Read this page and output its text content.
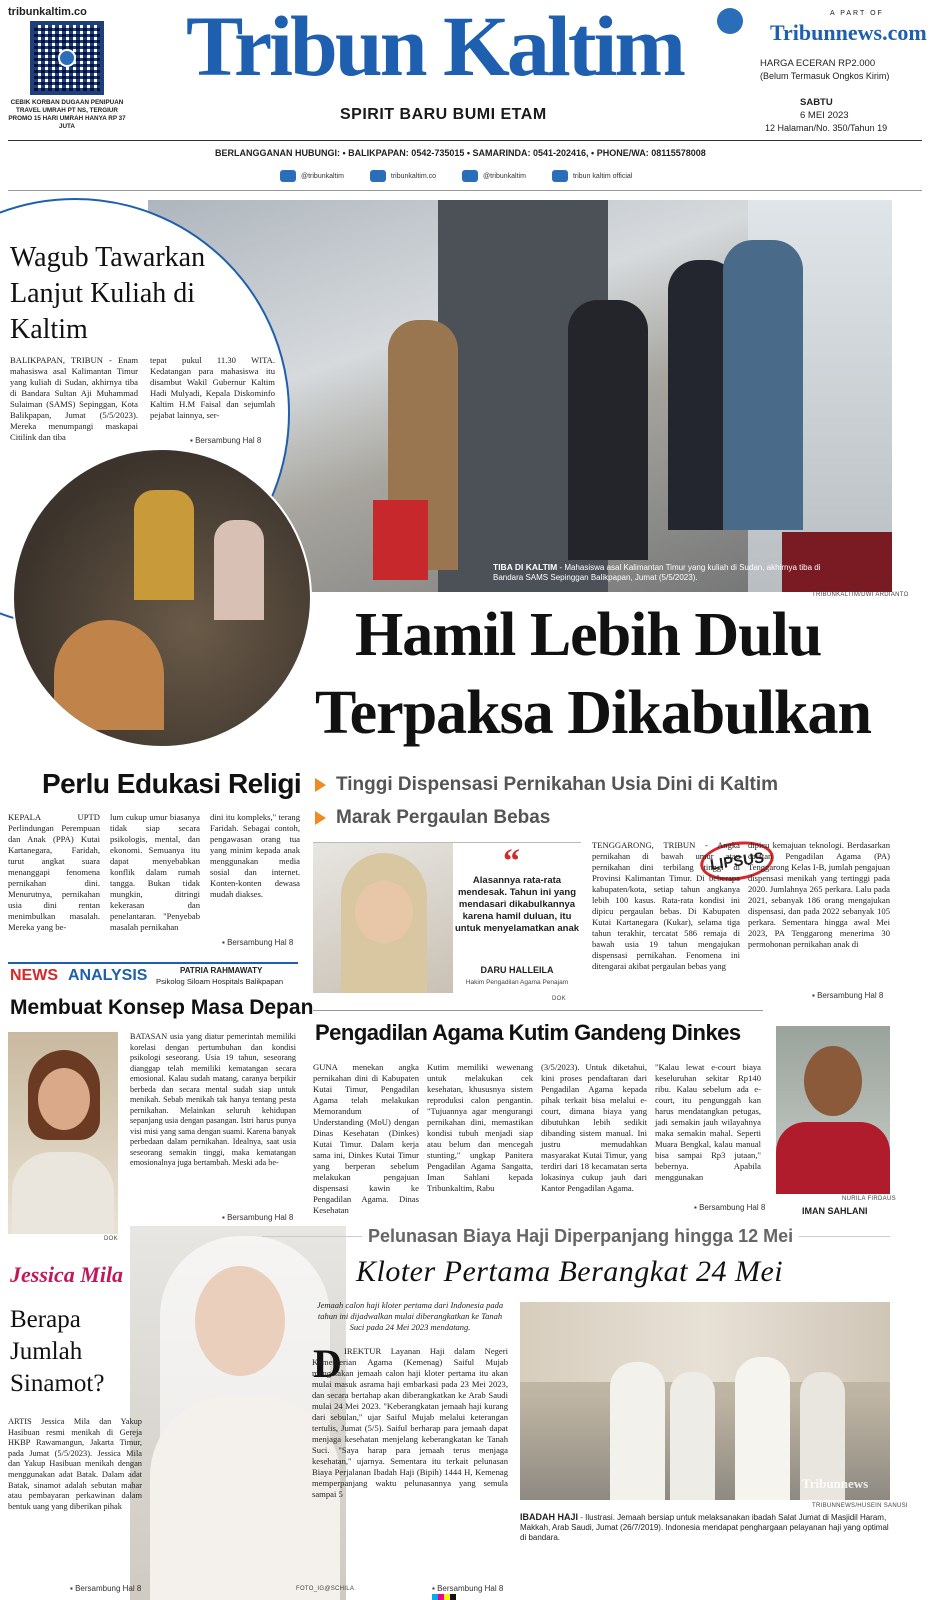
tribunkaltim.co
CEBIK KORBAN DUGAAN PENIPUAN TRAVEL UMRAH PT NS, TERGIUR PROMO 15 HARI UMRAH HANYA RP 37 JUTA
Tribun Kaltim
SPIRIT BARU BUMI ETAM
A PART OF
Tribunnews.com
HARGA ECERAN RP2.000
(Belum Termasuk Ongkos Kirim)
SABTU
6 MEI 2023
12 Halaman/No. 350/Tahun 19
BERLANGGANAN HUBUNGI: • BALIKPAPAN: 0542-735015 • SAMARINDA: 0541-202416, • PHONE/WA: 08115578008
@tribunkaltim	tribunkaltim.co	@tribunkaltim	tribun kaltim official
TIBA DI KALTIM - Mahasiswa asal Kalimantan Timur yang kuliah di Sudan, akhirnya tiba di Bandara SAMS Sepinggan Balikpapan, Jumat (5/5/2023).
TRIBUNKALTIM/DWI ARDIANTO
Wagub Tawarkan Lanjut Kuliah di Kaltim
BALIKPAPAN, TRIBUN - Enam mahasiswa asal Kalimantan Timur yang kuliah di Sudan, akhirnya tiba di Bandara Sultan Aji Muhammad Sulaiman (SAMS) Sepinggan, Kota Balikpapan, Jumat (5/5/2023). Mereka menumpangi maskapai Citilink dan tiba
tepat pukul 11.30 WITA. Kedatangan para mahasiswa itu disambut Wakil Gubernur Kaltim Hadi Mulyadi, Kepala Diskominfo Kaltim H.M Faisal dan sejumlah pejabat lainnya, ser-
▪ Bersambung Hal 8
Hamil Lebih Dulu
Terpaksa Dikabulkan
Tinggi Dispensasi Pernikahan Usia Dini di Kaltim
Marak Pergaulan Bebas
“
Alasannya rata-rata mendesak. Tahun ini yang mendasari dikabulkannya karena hamil duluan, itu untuk menyelamatkan anak
DARU HALLEILA
Hakim Pengadilan Agama Penajam
DOK
LIPSUS
TENGGARONG, TRIBUN - Angka pernikahan di bawah umur atau pernikahan dini terbilang tinggi di Provinsi Kalimantan Timur. Di beberapa kabupaten/kota, setiap tahun angkanya lebih 100 kasus. Rata-rata kondisi ini dipicu pergaulan bebas. Di Kabupaten Kutai Kartanegara (Kukar), selama tiga tahun terakhir, tercatat 586 remaja di bawah usia 19 tahun mengajukan dispensasi pernikahan. Fenomena ini ditengarai akibat pergaulan bebas yang
dipicu kemajuan teknologi. Berdasarkan catatan Pengadilan Agama (PA) Tenggarong Kelas I-B, jumlah pengajuan dispensasi menikah yang tertinggi pada 2020. Jumlahnya 265 perkara. Lalu pada 2021, sebanyak 186 orang mengajukan dispensasi, dan pada 2022 sebanyak 105 perkara. Sementara hingga awal Mei 2023, PA Tenggarong menerima 30 permohonan pernikahan anak di
▪ Bersambung Hal 8
Perlu Edukasi Religi
KEPALA UPTD Perlindungan Perempuan dan Anak (PPA) Kutai Kartanegara, Faridah, turut angkat suara menanggapi fenomena pernikahan dini. Menurutnya, pernikahan usia dini rentan menimbulkan masalah. Mereka yang be-
lum cukup umur biasanya tidak siap secara psikologis, mental, dan ekonomi. Semuanya itu dapat menyebabkan konflik dalam rumah tangga. Bukan tidak mungkin, ditringi kekerasan dan penelantaran. "Penyebab masalah pernikahan
dini itu kompleks," terang Faridah. Sebagai contoh, pengawasan orang tua yang minim kepada anak menggunakan media sosial dan internet. Konten-konten dewasa mudah diakses.
▪ Bersambung Hal 8
NEWS ANALYSIS	PATRIA RAHMAWATY
Psikolog Siloam Hospitals Balikpapan
Membuat Konsep Masa Depan
DOK
BATASAN usia yang diatur pemerintah memiliki korelasi dengan pertumbuhan dan kondisi psikologi seseorang. Usia 19 tahun, seseorang dianggap telah memiliki kematangan secara emosional. Kalau sudah matang, caranya berpikir berbeda dan secara mental sudah siap untuk menikah. Sebab menikah tak hanya tentang pesta pernikahan. Melainkan seluruh kehidupan sepanjang usia dengan pasangan. Istri harus punya visi misi yang sama dengan suami. Karena banyak perbedaan dalam pernikahan. Idealnya, saat usia seseorang semakin tinggi, maka kematangan emosionalnya juga bertambah. Meski ada be-
▪ Bersambung Hal 8
Pengadilan Agama Kutim Gandeng Dinkes
GUNA menekan angka pernikahan dini di Kabupaten Kutai Timur, Pengadilan Agama telah melakukan Memorandum of Understanding (MoU) dengan Dinas Kesehatan (Dinkes) Kutai Timur. Dalam kerja sama ini, Dinkes Kutai Timur yang berperan sebelum melakukan pengajuan dispensasi kawin ke Pengadilan Agama. Dinas Kesehatan
Kutim memiliki wewenang untuk melakukan cek kesehatan, khususnya sistem reproduksi calon pengantin. "Tujuannya agar mengurangi pernikahan dini, memastikan kondisi tubuh menjadi siap atau belum dan mencegah stunting," ungkap Panitera Pengadilan Agama Sangatta, Iman Sahlani kepada Tribunkaltim, Rabu
(3/5/2023). Untuk diketahui, kini proses pendaftaran dari Pengadilan Agama kepada pihak terkait bisa melalui e-court, dimana biaya yang dibutuhkan lebih sedikit dibanding sistem manual. Ini justru memudahkan masyarakat Kutai Timur, yang terdiri dari 18 kecamatan serta lokasinya cukup jauh dari Kantor Pengadilan Agama.
"Kalau lewat e-court biaya keseluruhan sekitar Rp140 ribu. Kalau sebelum ada e-court, itu pengunggah kan harus mendatangkan petugas, jadi semakin jauh wilayahnya maka semakin mahal. Seperti Muara Bengkal, kalau manual bisa sampai Rp3 jutaan," bebernya. Apabila menggunakan
▪ Bersambung Hal 8
NURILA FIRDAUS
IMAN SAHLANI
Jessica Mila
Berapa Jumlah Sinamot?
ARTIS Jessica Mila dan Yakup Hasibuan resmi menikah di Gereja HKBP Rawamangun, Jakarta Timur, pada Jumat (5/5/2023). Jessica Mila dan Yakup Hasibuan menikah dengan menggunakan adat Batak. Dalam adat Batak, sinamot adalah sebutan mahar atau pembayaran perkawinan dalam bentuk uang yang diberikan pihak
FOTO_IG@SCHILA
▪ Bersambung Hal 8
Pelunasan Biaya Haji Diperpanjang hingga 12 Mei
Kloter Pertama Berangkat 24 Mei
Jemaah calon haji kloter pertama dari Indonesia pada tahun ini dijadwalkan mulai diberangkatkan ke Tanah Suci pada 24 Mei 2023 mendatang.
D IREKTUR Layanan Haji dalam Negeri Kementerian Agama (Kemenag) Saiful Mujab mengatakan jemaah calon haji kloter pertama itu akan mulai masuk asrama haji embarkasi pada 23 Mei 2023, dan secara bertahap akan diberangkatkan ke Arab Saudi mulai 24 Mei 2023. "Keberangkatan jemaah haji kurang dari sebulan," ujar Saiful Mujab melalui keterangan tertulis, Jumat (5/5). Saiful berharap para jemaah dapat menjaga kesehatan menjelang keberangkatan ke Tanah Suci. "Saya harap para jemaah terus menjaga kesehatan," ujarnya. Sementara itu terkait pelunasan Biaya Perjalanan Ibadah Haji (Bipih) 1444 H, Kemenag memperpanjang waktu pelunasannya yang semula sampai 5
▪ Bersambung Hal 8
Tribunnews
TRIBUNNEWS/HUSEIN SANUSI
IBADAH HAJI - Ilustrasi. Jemaah bersiap untuk melaksanakan ibadah Salat Jumat di Masjidil Haram, Makkah, Arab Saudi, Jumat (26/7/2019). Indonesia mendapat penghargaan pelayanan haji yang optimal di bandara.
